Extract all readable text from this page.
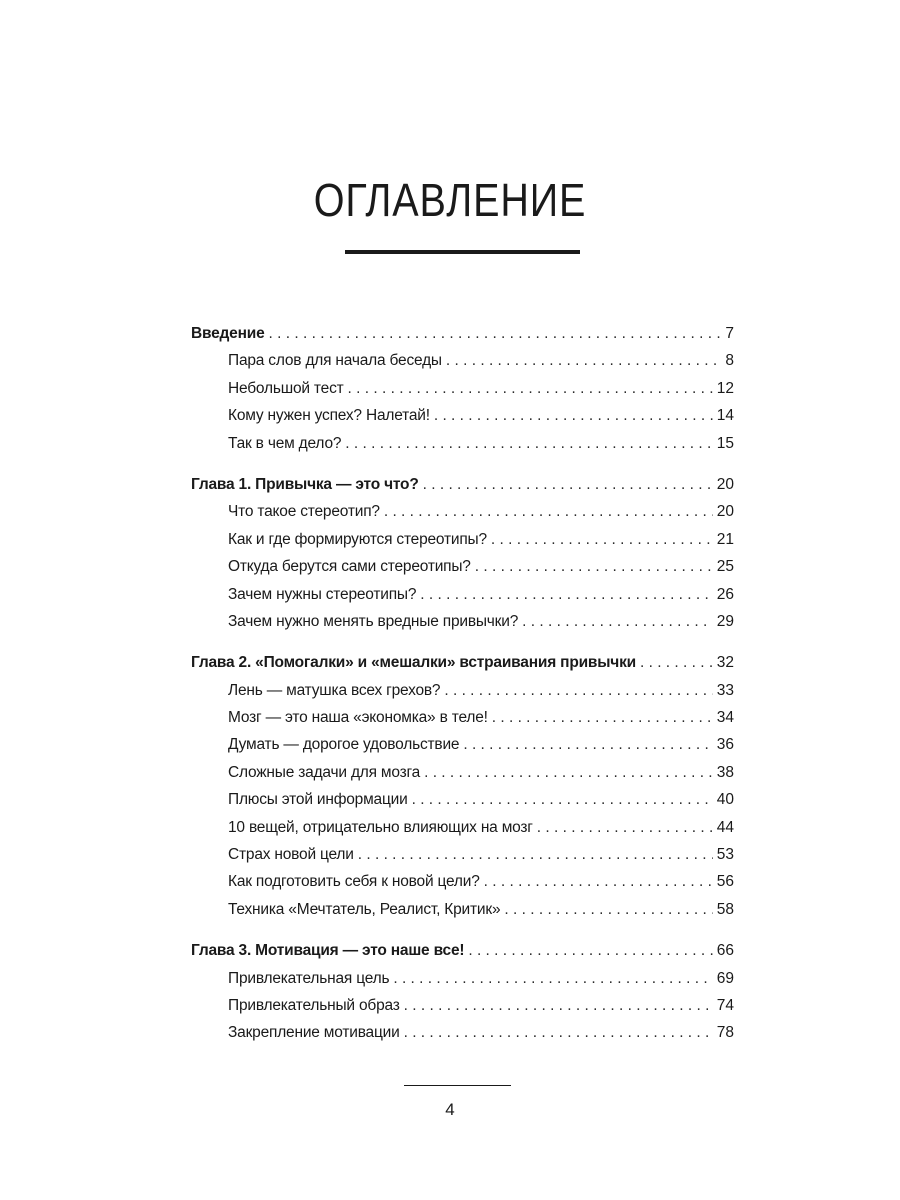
ОГЛАВЛЕНИЕ
Введение . . .	7
Пара слов для начала беседы . . .	8
Небольшой тест . . .	12
Кому нужен успех? Налетай! . . .	14
Так в чем дело? . . .	15
Глава 1. Привычка — это что? . . .	20
Что такое стереотип? . . .	20
Как и где формируются стереотипы? . . .	21
Откуда берутся сами стереотипы? . . .	25
Зачем нужны стереотипы? . . .	26
Зачем нужно менять вредные привычки? . . .	29
Глава 2. «Помогалки» и «мешалки» встраивания привычки . . .	32
Лень — матушка всех грехов? . . .	33
Мозг — это наша «экономка» в теле! . . .	34
Думать — дорогое удовольствие . . .	36
Сложные задачи для мозга . . .	38
Плюсы этой информации . . .	40
10 вещей, отрицательно влияющих на мозг . . .	44
Страх новой цели . . .	53
Как подготовить себя к новой цели? . . .	56
Техника «Мечтатель, Реалист, Критик» . . .	58
Глава 3. Мотивация — это наше все! . . .	66
Привлекательная цель . . .	69
Привлекательный образ . . .	74
Закрепление мотивации . . .	78
4
